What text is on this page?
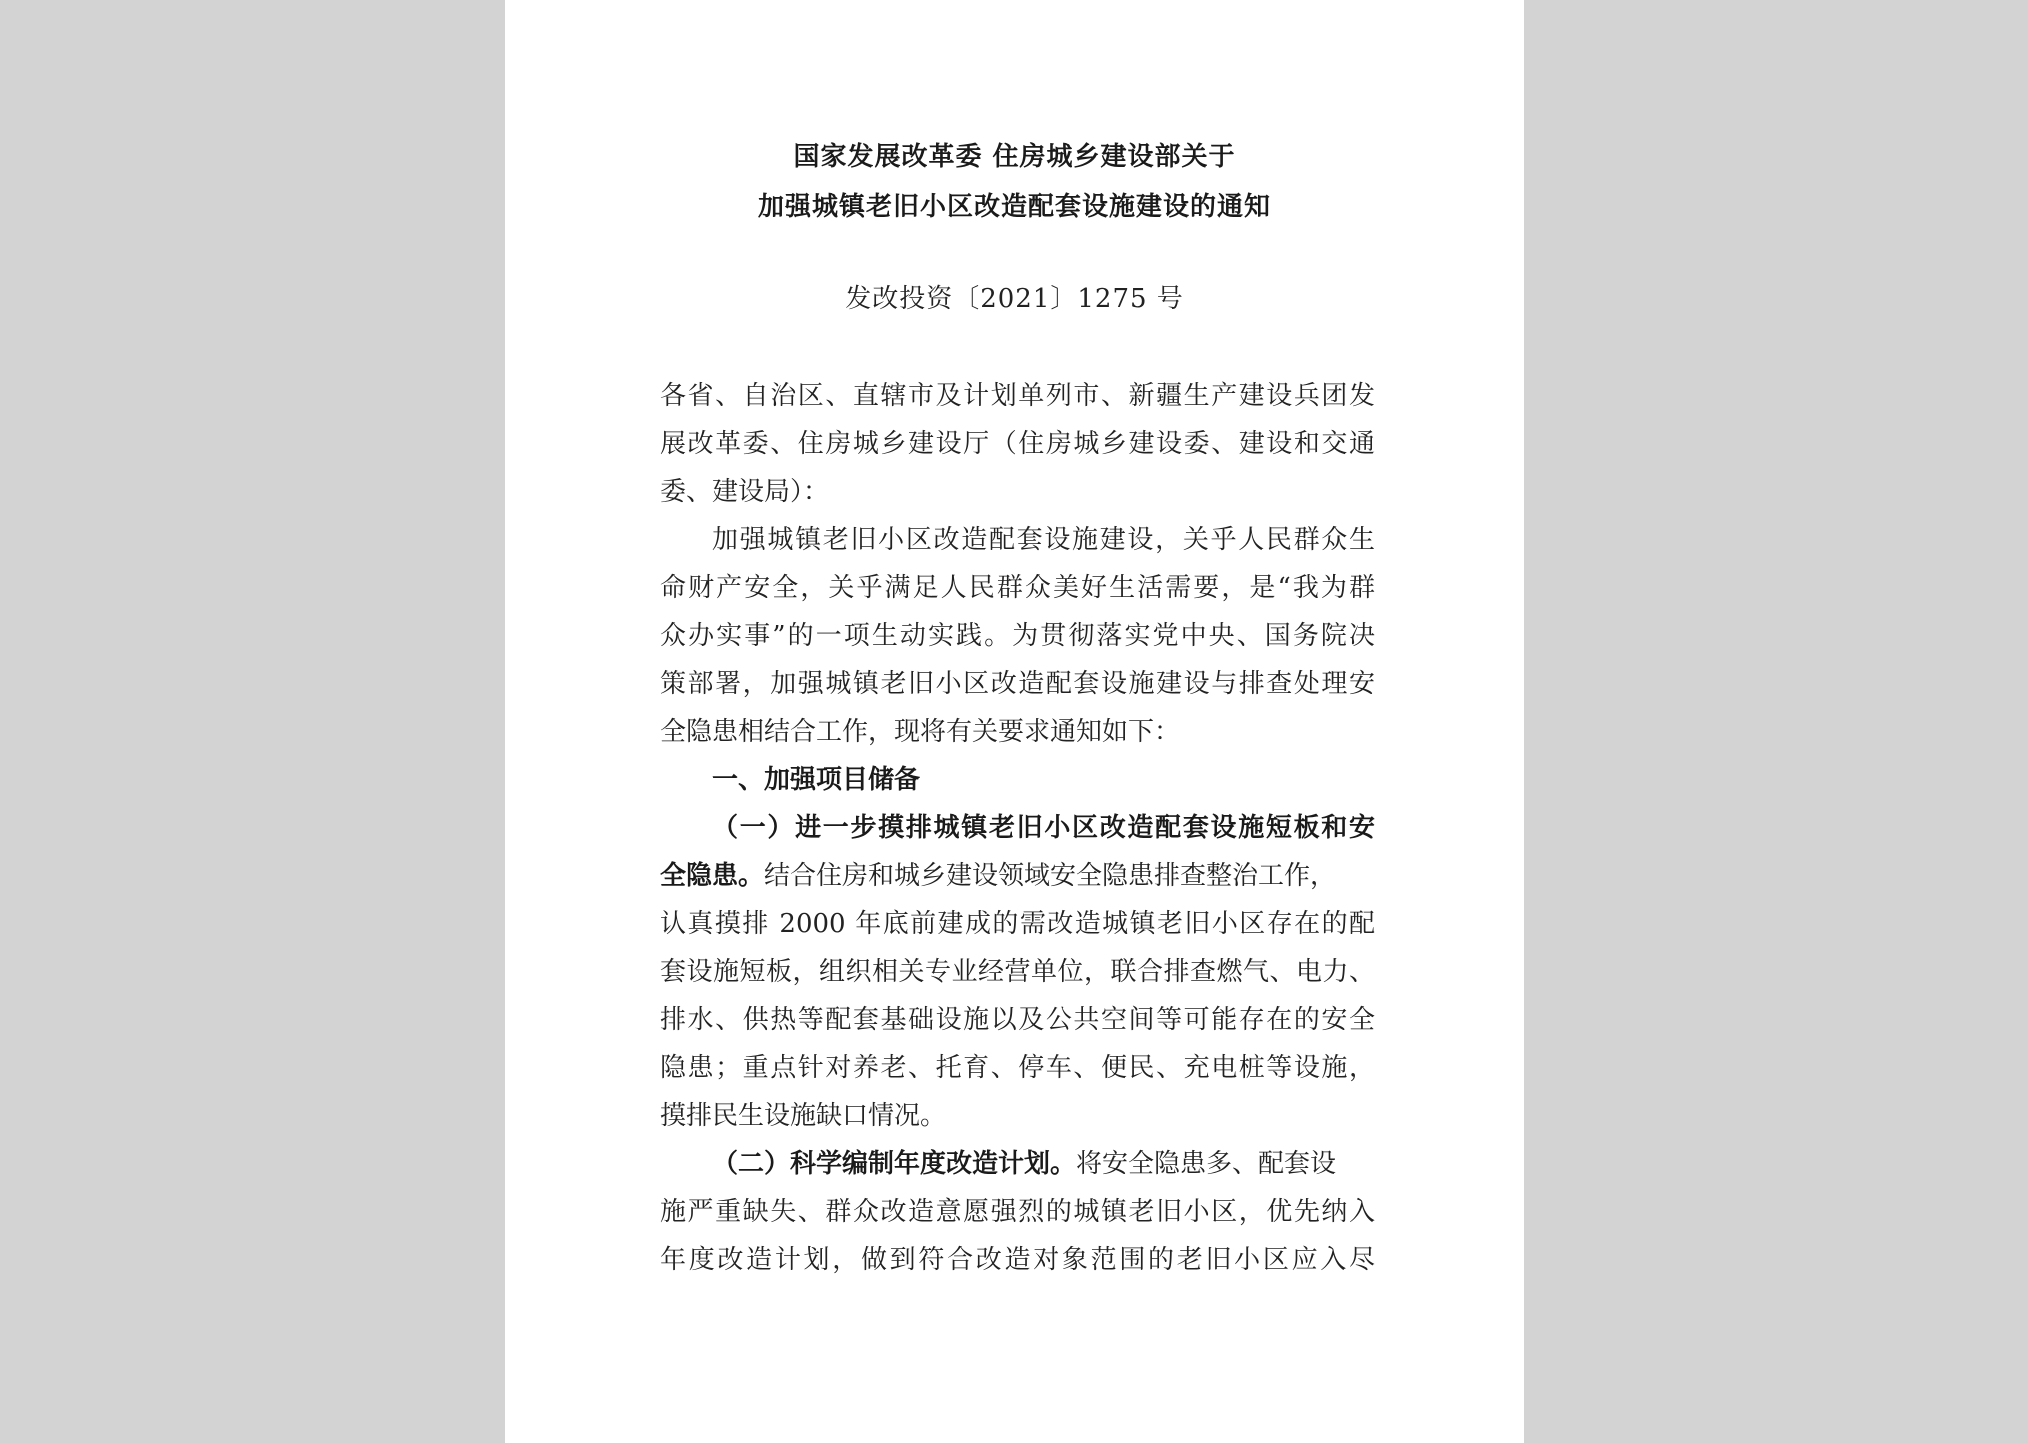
国家发展改革委 住房城乡建设部关于
加强城镇老旧小区改造配套设施建设的通知
发改投资〔2021〕1275 号
各省、自治区、直辖市及计划单列市、新疆生产建设兵团发
展改革委、住房城乡建设厅（住房城乡建设委、建设和交通
委、建设局）：
加强城镇老旧小区改造配套设施建设，关乎人民群众生
命财产安全，关乎满足人民群众美好生活需要，是“我为群
众办实事”的一项生动实践。为贯彻落实党中央、国务院决
策部署，加强城镇老旧小区改造配套设施建设与排查处理安
全隐患相结合工作，现将有关要求通知如下：
一、加强项目储备
（一）进一步摸排城镇老旧小区改造配套设施短板和安
全隐患。结合住房和城乡建设领域安全隐患排查整治工作，
认真摸排 2000 年底前建成的需改造城镇老旧小区存在的配
套设施短板，组织相关专业经营单位，联合排查燃气、电力、
排水、供热等配套基础设施以及公共空间等可能存在的安全
隐患；重点针对养老、托育、停车、便民、充电桩等设施，
摸排民生设施缺口情况。
（二）科学编制年度改造计划。将安全隐患多、配套设
施严重缺失、群众改造意愿强烈的城镇老旧小区，优先纳入
年度改造计划，做到符合改造对象范围的老旧小区应入尽
